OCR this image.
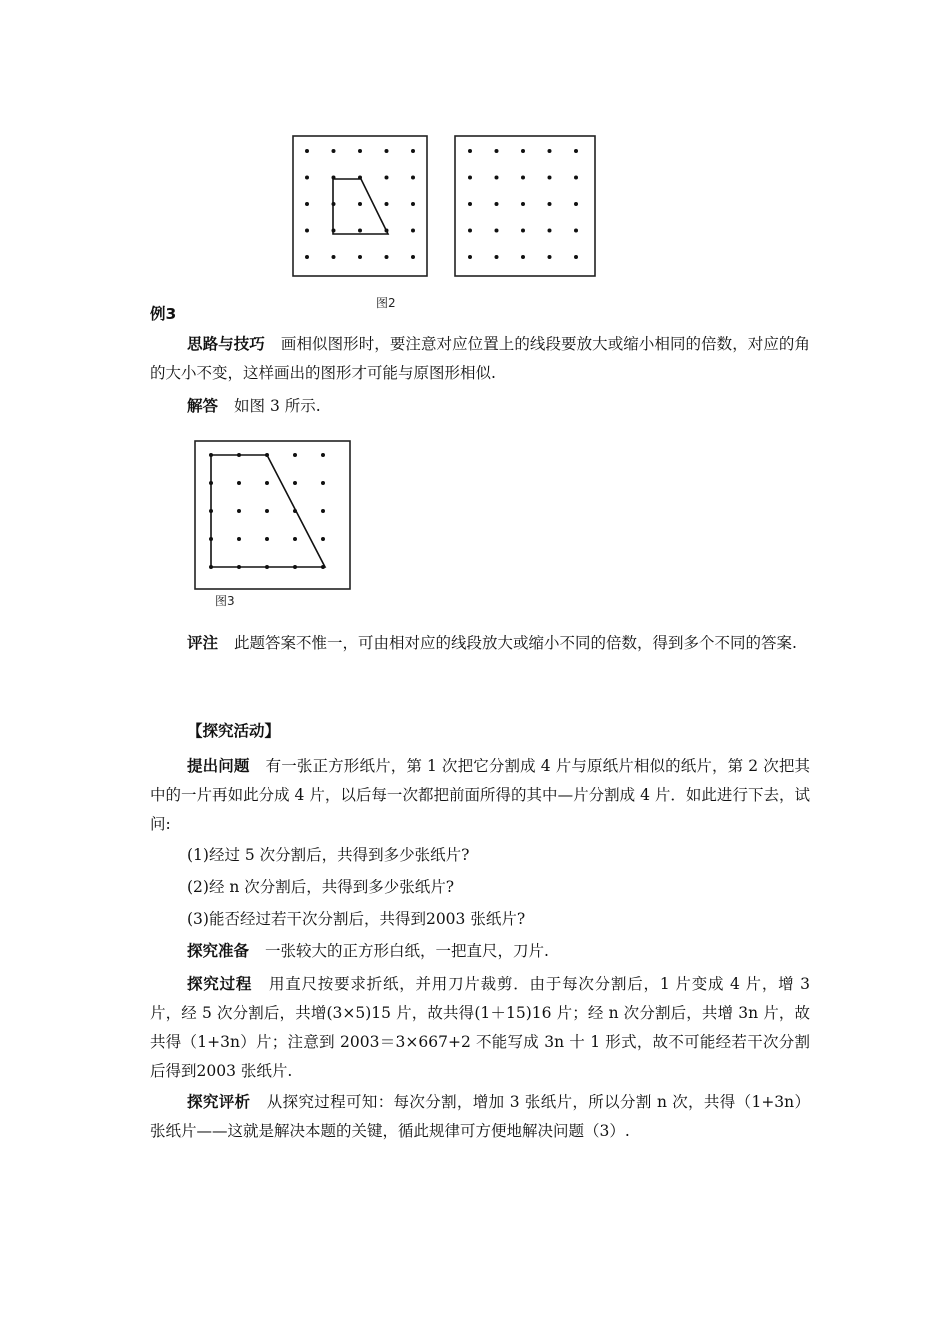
图2
例3
思路与技巧 画相似图形时，要注意对应位置上的线段要放大或缩小相同的倍数，对应的角的大小不变，这样画出的图形才可能与原图形相似.
解答 如图 3 所示.
图3
评注 此题答案不惟一，可由相对应的线段放大或缩小不同的倍数，得到多个不同的答案.
【探究活动】
提出问题 有一张正方形纸片，第 1 次把它分割成 4 片与原纸片相似的纸片，第 2 次把其中的一片再如此分成 4 片，以后每一次都把前面所得的其中—片分割成 4 片．如此进行下去，试问:
(1)经过 5 次分割后，共得到多少张纸片?
(2)经 n 次分割后，共得到多少张纸片?
(3)能否经过若干次分割后，共得到2003 张纸片?
探究准备 一张较大的正方形白纸，一把直尺，刀片.
探究过程 用直尺按要求折纸，并用刀片裁剪．由于每次分割后，1 片变成 4 片，增 3 片，经 5 次分割后，共增(3×5)15 片，故共得(1＋15)16 片；经 n 次分割后，共增 3n 片，故共得（1+3n）片；注意到 2003＝3×667+2 不能写成 3n 十 1 形式，故不可能经若干次分割后得到2003 张纸片.
探究评析 从探究过程可知：每次分割，增加 3 张纸片，所以分割 n 次，共得（1+3n）张纸片——这就是解决本题的关键，循此规律可方便地解决问题（3）.
